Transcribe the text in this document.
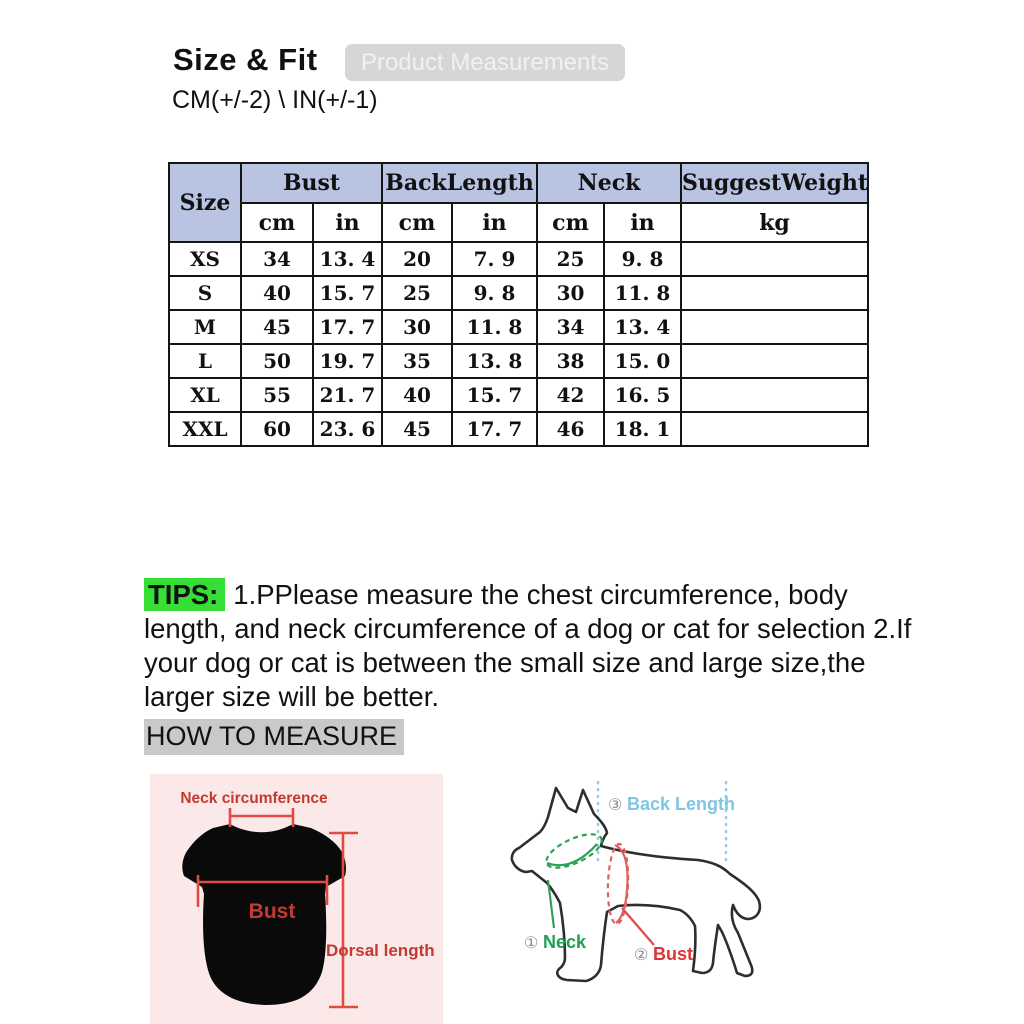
Size & Fit	Product Measurements
CM(+/-2) \ IN(+/-1)
Size	Bust		BackLength		Neck		SuggestWeight
	cm	in	cm	in	cm	in	kg
XS	34	13. 4	20	7. 9	25	9. 8	
S	40	15. 7	25	9. 8	30	11. 8	
M	45	17. 7	30	11. 8	34	13. 4	
L	50	19. 7	35	13. 8	38	15. 0	
XL	55	21. 7	40	15. 7	42	16. 5	
XXL	60	23. 6	45	17. 7	46	18. 1	
TIPS: 1.PPlease measure the chest circumference, body length, and neck circumference of a dog or cat for selection 2.If your dog or cat is between the small size and large size,the larger size will be better.
HOW TO MEASURE
Neck circumference
Bust
Dorsal length
③ Back Length
① Neck
② Bust
